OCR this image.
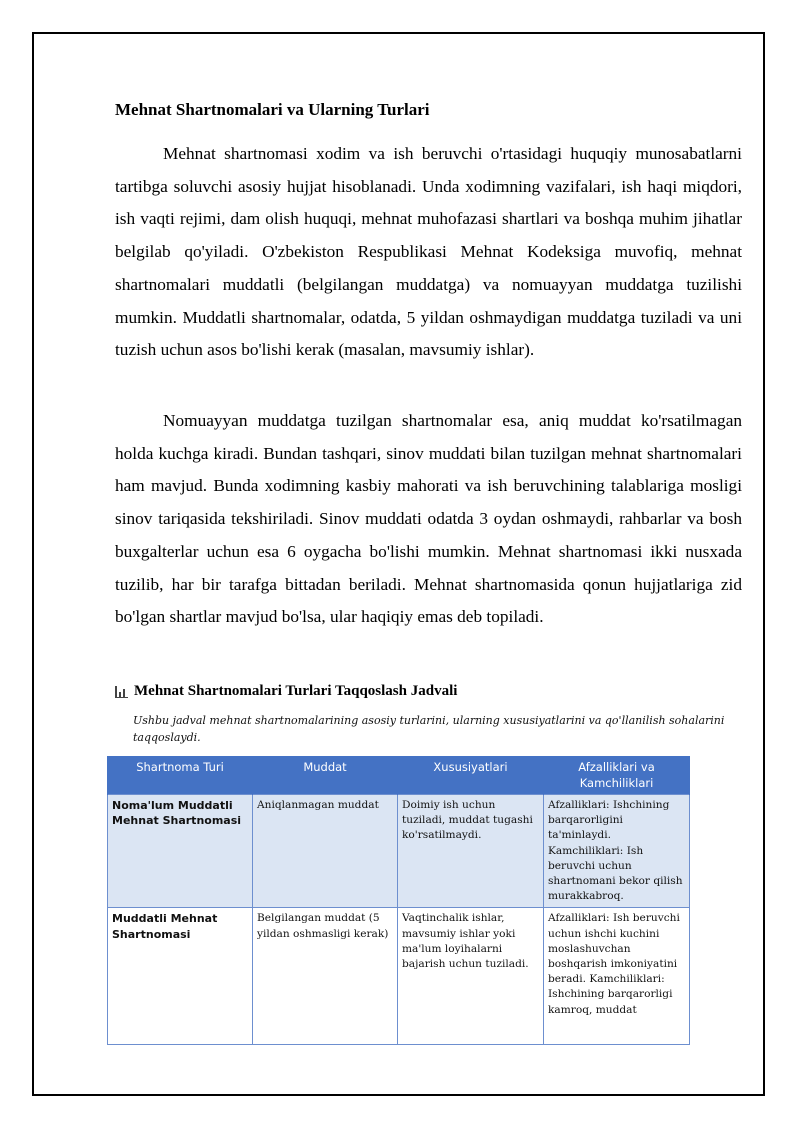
Mehnat Shartnomalari va Ularning Turlari

Mehnat shartnomasi xodim va ish beruvchi o'rtasidagi huquqiy munosabatlarni tartibga soluvchi asosiy hujjat hisoblanadi. Unda xodimning vazifalari, ish haqi miqdori, ish vaqti rejimi, dam olish huquqi, mehnat muhofazasi shartlari va boshqa muhim jihatlar belgilab qo'yiladi. O'zbekiston Respublikasi Mehnat Kodeksiga muvofiq, mehnat shartnomalari muddatli (belgilangan muddatga) va nomuayyan muddatga tuzilishi mumkin. Muddatli shartnomalar, odatda, 5 yildan oshmaydigan muddatga tuziladi va uni tuzish uchun asos bo'lishi kerak (masalan, mavsumiy ishlar).

Nomuayyan muddatga tuzilgan shartnomalar esa, aniq muddat ko'rsatilmagan holda kuchga kiradi. Bundan tashqari, sinov muddati bilan tuzilgan mehnat shartnomalari ham mavjud. Bunda xodimning kasbiy mahorati va ish beruvchining talablariga mosligi sinov tariqasida tekshiriladi. Sinov muddati odatda 3 oydan oshmaydi, rahbarlar va bosh buxgalterlar uchun esa 6 oygacha bo'lishi mumkin. Mehnat shartnomasi ikki nusxada tuzilib, har bir tarafga bittadan beriladi. Mehnat shartnomasida qonun hujjatlariga zid bo'lgan shartlar mavjud bo'lsa, ular haqiqiy emas deb topiladi.

Mehnat Shartnomalari Turlari Taqqoslash Jadvali
Ushbu jadval mehnat shartnomalarining asosiy turlarini, ularning xususiyatlarini va qo'llanilish sohalarini taqqoslaydi.
Shartnoma Turi	Muddat	Xususiyatlari	Afzalliklari va Kamchiliklari
Noma'lum Muddatli Mehnat Shartnomasi	Aniqlanmagan muddat	Doimiy ish uchun tuziladi, muddat tugashi ko'rsatilmaydi.	Afzalliklari: Ishchining barqarorligini ta'minlaydi. Kamchiliklari: Ish beruvchi uchun shartnomani bekor qilish murakkabroq.
Muddatli Mehnat Shartnomasi	Belgilangan muddat (5 yildan oshmasligi kerak)	Vaqtinchalik ishlar, mavsumiy ishlar yoki ma'lum loyihalarni bajarish uchun tuziladi.	Afzalliklari: Ish beruvchi uchun ishchi kuchini moslashuvchan boshqarish imkoniyatini beradi. Kamchiliklari: Ishchining barqarorligi kamroq, muddat
